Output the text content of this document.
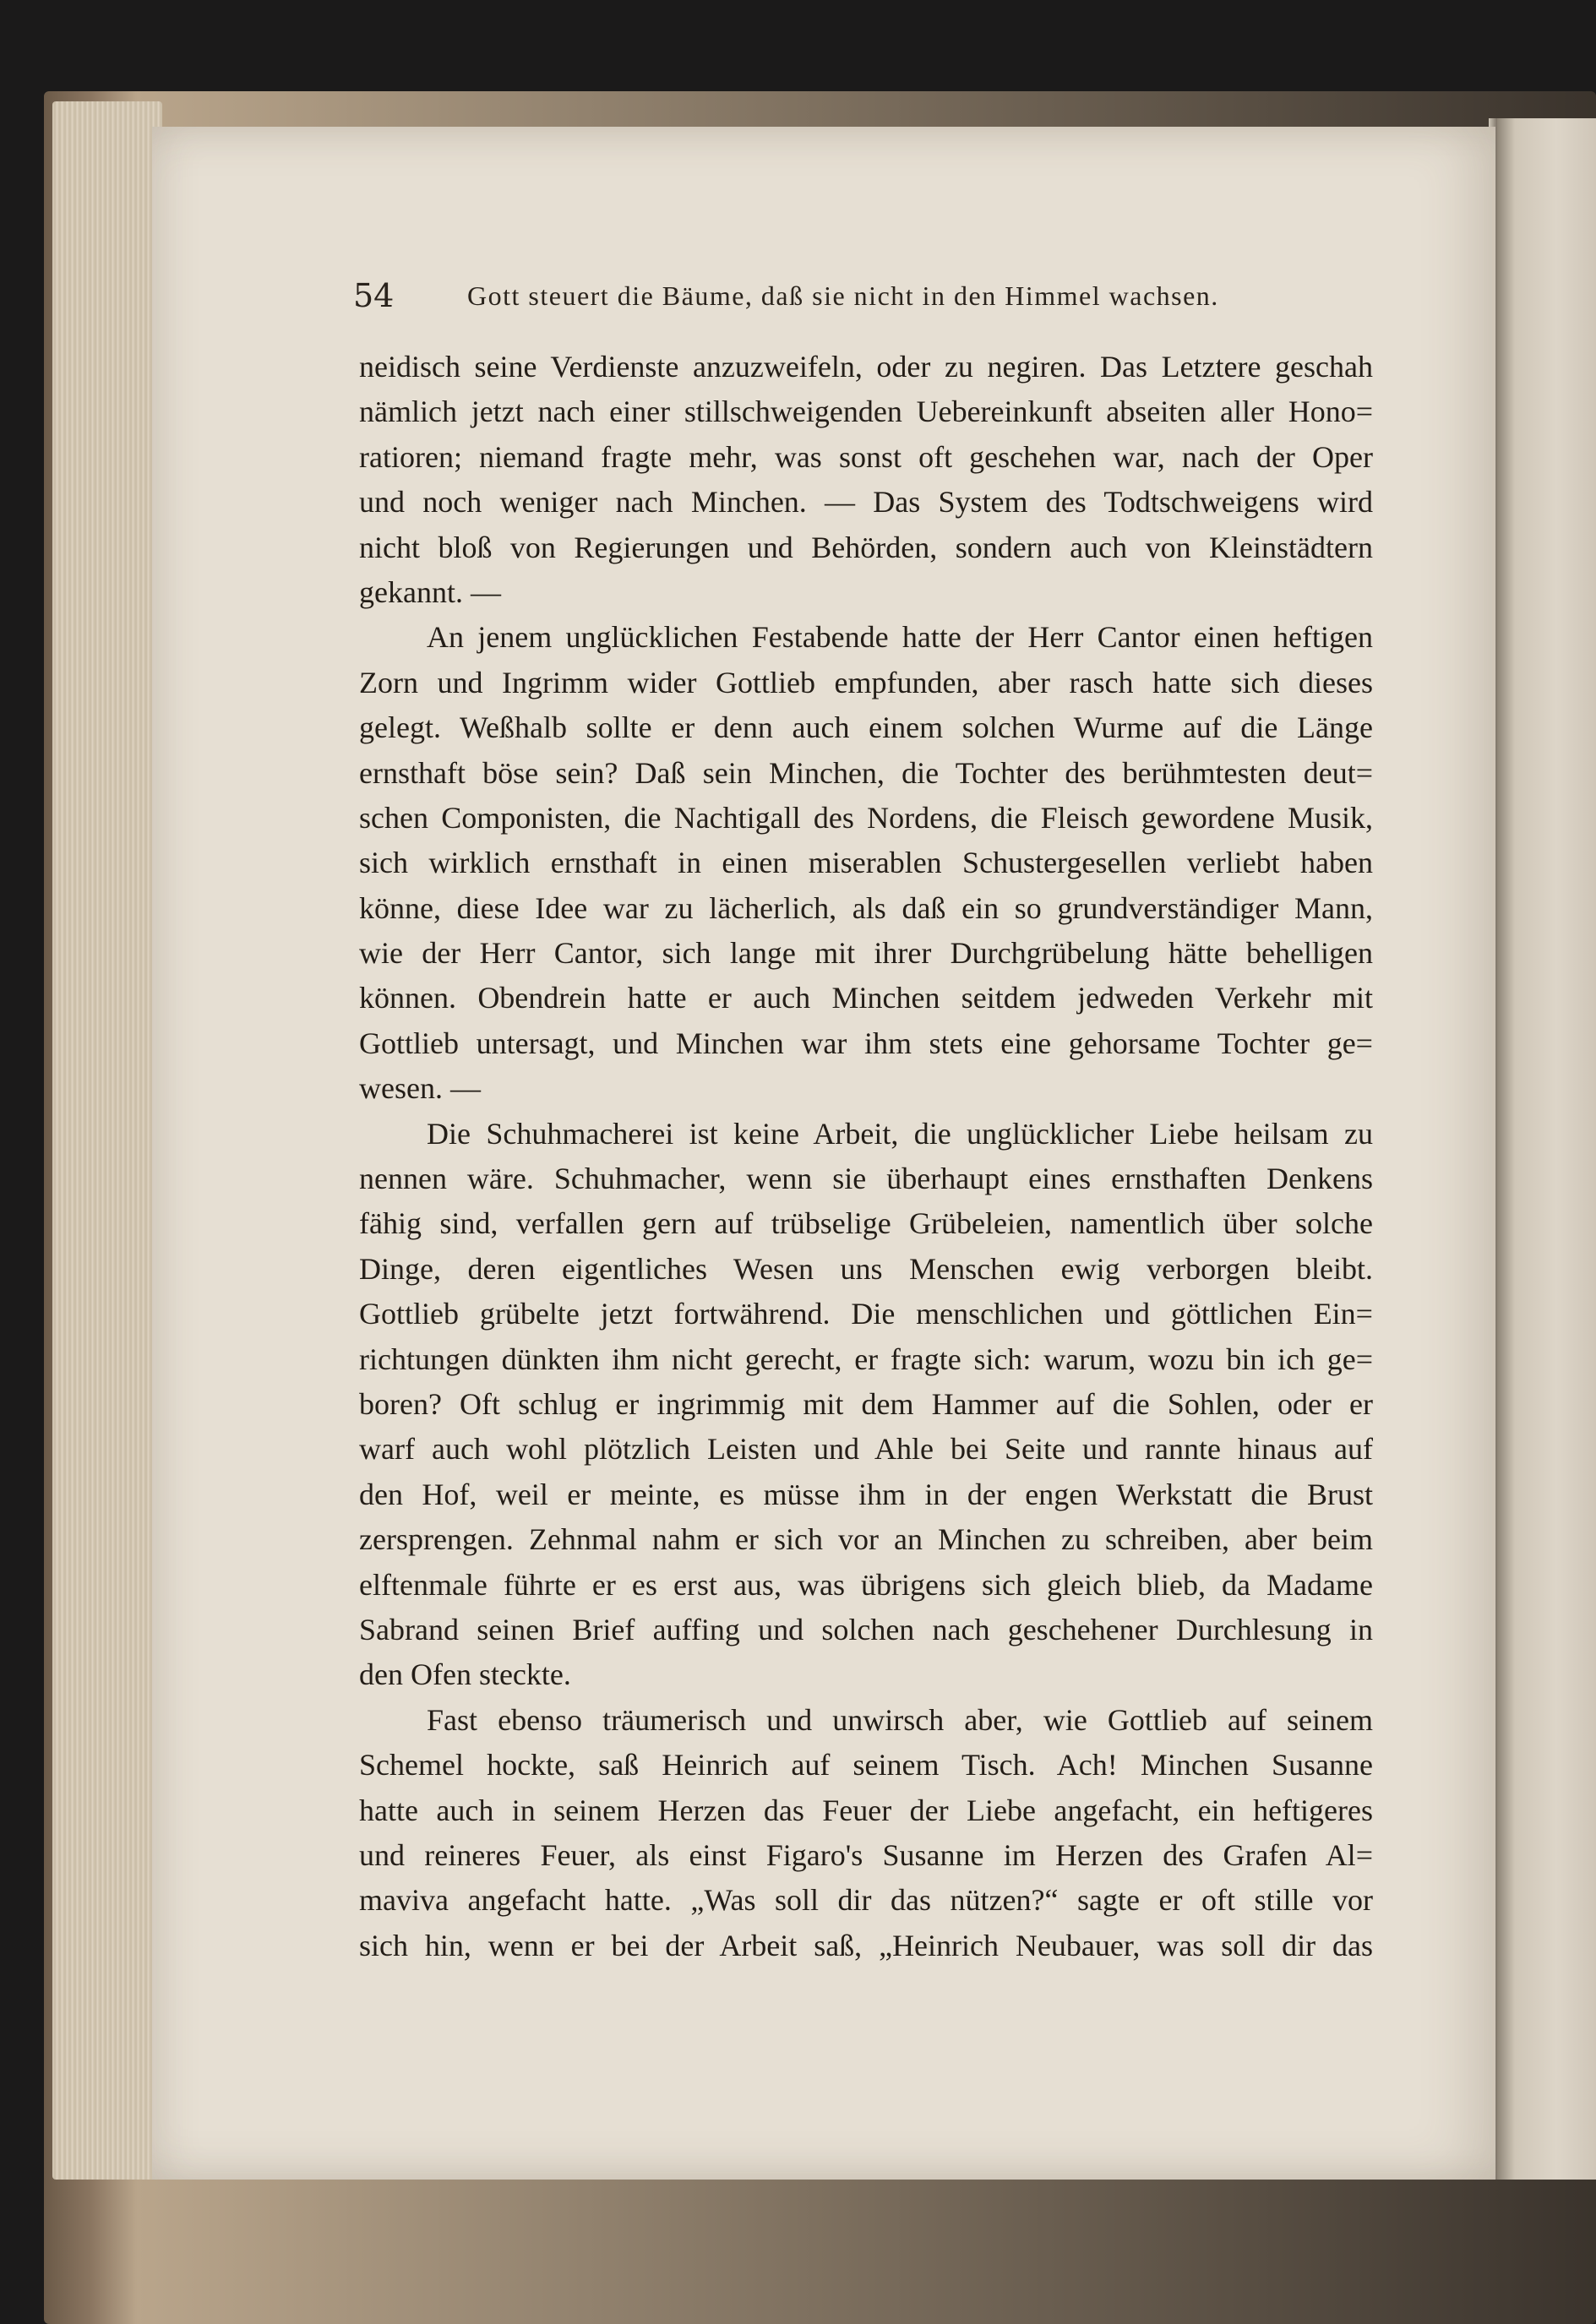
54	Gott steuert die Bäume, daß sie nicht in den Himmel wachsen.
neidisch seine Verdienste anzuzweifeln, oder zu negiren. Das Letztere geschah
nämlich jetzt nach einer stillschweigenden Uebereinkunft abseiten aller Hono=
ratioren; niemand fragte mehr, was sonst oft geschehen war, nach der Oper
und noch weniger nach Minchen. — Das System des Todtschweigens wird
nicht bloß von Regierungen und Behörden, sondern auch von Kleinstädtern
gekannt. —
An jenem unglücklichen Festabende hatte der Herr Cantor einen heftigen
Zorn und Ingrimm wider Gottlieb empfunden, aber rasch hatte sich dieses
gelegt. Weßhalb sollte er denn auch einem solchen Wurme auf die Länge
ernsthaft böse sein? Daß sein Minchen, die Tochter des berühmtesten deut=
schen Componisten, die Nachtigall des Nordens, die Fleisch gewordene Musik,
sich wirklich ernsthaft in einen miserablen Schustergesellen verliebt haben
könne, diese Idee war zu lächerlich, als daß ein so grundverständiger Mann,
wie der Herr Cantor, sich lange mit ihrer Durchgrübelung hätte behelligen
können. Obendrein hatte er auch Minchen seitdem jedweden Verkehr mit
Gottlieb untersagt, und Minchen war ihm stets eine gehorsame Tochter ge=
wesen. —
Die Schuhmacherei ist keine Arbeit, die unglücklicher Liebe heilsam zu
nennen wäre. Schuhmacher, wenn sie überhaupt eines ernsthaften Denkens
fähig sind, verfallen gern auf trübselige Grübeleien, namentlich über solche
Dinge, deren eigentliches Wesen uns Menschen ewig verborgen bleibt.
Gottlieb grübelte jetzt fortwährend. Die menschlichen und göttlichen Ein=
richtungen dünkten ihm nicht gerecht, er fragte sich: warum, wozu bin ich ge=
boren? Oft schlug er ingrimmig mit dem Hammer auf die Sohlen, oder er
warf auch wohl plötzlich Leisten und Ahle bei Seite und rannte hinaus auf
den Hof, weil er meinte, es müsse ihm in der engen Werkstatt die Brust
zersprengen. Zehnmal nahm er sich vor an Minchen zu schreiben, aber beim
elftenmale führte er es erst aus, was übrigens sich gleich blieb, da Madame
Sabrand seinen Brief auffing und solchen nach geschehener Durchlesung in
den Ofen steckte.
Fast ebenso träumerisch und unwirsch aber, wie Gottlieb auf seinem
Schemel hockte, saß Heinrich auf seinem Tisch. Ach! Minchen Susanne
hatte auch in seinem Herzen das Feuer der Liebe angefacht, ein heftigeres
und reineres Feuer, als einst Figaro's Susanne im Herzen des Grafen Al=
maviva angefacht hatte. „Was soll dir das nützen?“ sagte er oft stille vor
sich hin, wenn er bei der Arbeit saß, „Heinrich Neubauer, was soll dir das
